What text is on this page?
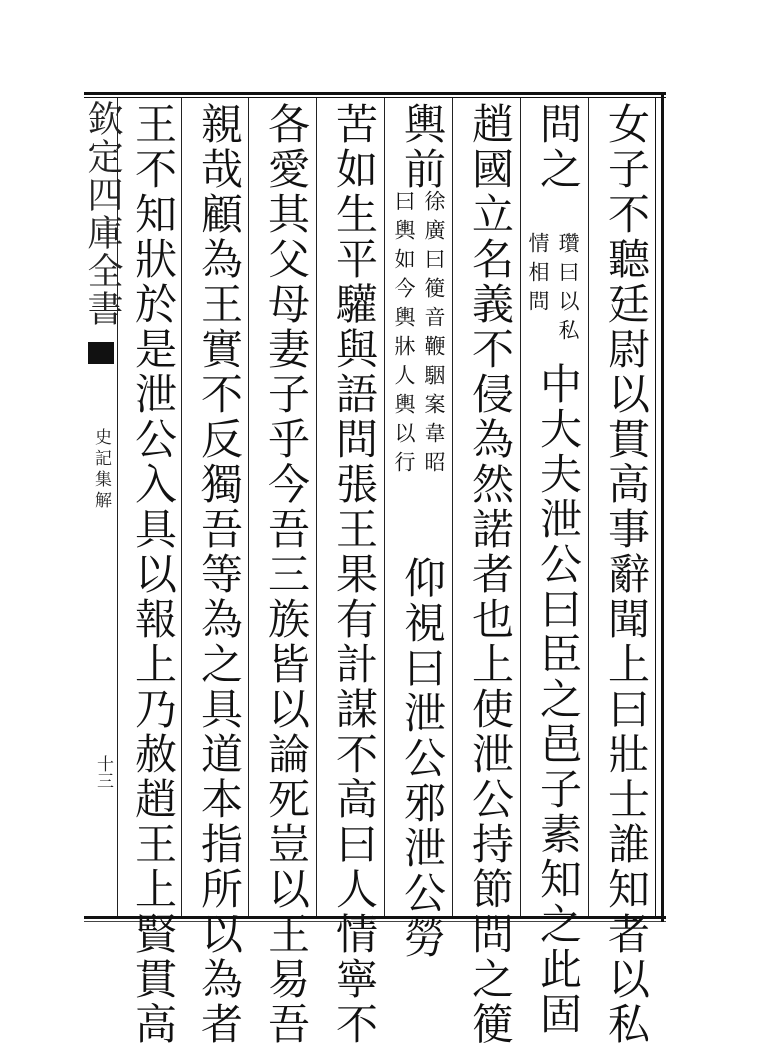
欽定四庫全書
史記集解
十三	女子不聽廷尉以貫高事辭聞上曰壯士誰知者以私
問之
瓚曰以私
情相問
中大夫泄公曰臣之邑子素知之此固
趙國立名義不侵為然諾者也上使泄公持節問之箯
輿前
徐廣曰箯音鞭駰案韋昭
曰輿如今輿牀人輿以行
仰視曰泄公邪泄公勞
苦如生平驩與語問張王果有計謀不高曰人情寧不
各愛其父母妻子乎今吾三族皆以論死豈以王易吾
親哉顧為王實不反獨吾等為之具道本指所以為者
王不知狀於是泄公入具以報上乃赦趙王上賢貫高
